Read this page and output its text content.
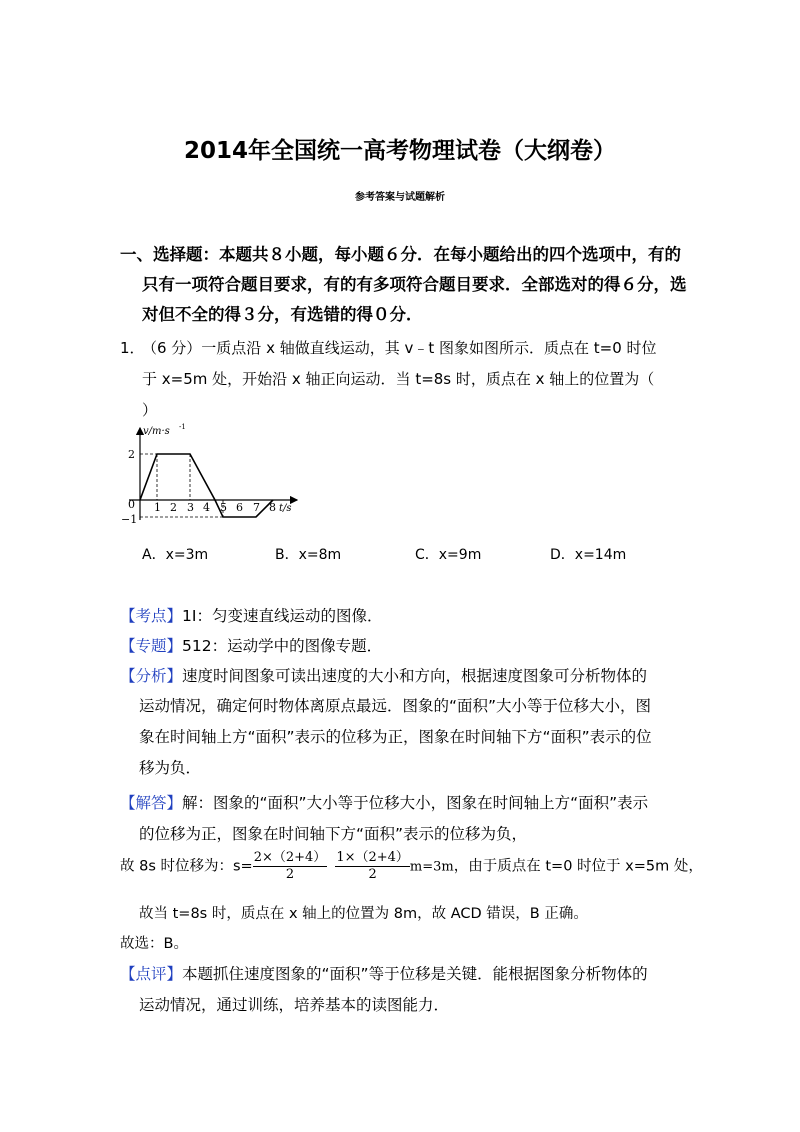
2014年全国统一高考物理试卷（大纲卷）
参考答案与试题解析
一、选择题：本题共８小题，每小题６分．在每小题给出的四个选项中，有的
只有一项符合题目要求，有的有多项符合题目要求．全部选对的得６分，选
对但不全的得３分，有选错的得０分．
1．
（6 分）一质点沿 x 轴做直线运动，其 v﹣t 图象如图所示．质点在 t=0 时位
于 x=5m 处，开始沿 x 轴正向运动．当 t=8s 时，质点在 x 轴上的位置为（
）
v/m·s -1
t/s
2
0
−1
1 2 3 4 5 6 7 8
A．x=3m	B．x=8m	C．x=9m	D．x=14m
【考点】1I：匀变速直线运动的图像．
【专题】512：运动学中的图像专题．
【分析】速度时间图象可读出速度的大小和方向，根据速度图象可分析物体的
运动情况，确定何时物体离原点最远．图象的“面积”大小等于位移大小，图
象在时间轴上方“面积”表示的位移为正，图象在时间轴下方“面积”表示的位
移为负．
【解答】解：图象的“面积”大小等于位移大小，图象在时间轴上方“面积”表示
的位移为正，图象在时间轴下方“面积”表示的位移为负，
故 8s 时位移为：$s= \frac{2\times(2+4)}{2} \frac{1\times(2+4)}{2} m=3m$，由于质点在 t=0 时位于 x=5m 处，
故当 t=8s 时，质点在 x 轴上的位置为 8m，故 ACD 错误，B 正确。
故选：B。
【点评】本题抓住速度图象的“面积”等于位移是关键．能根据图象分析物体的
运动情况，通过训练，培养基本的读图能力．
